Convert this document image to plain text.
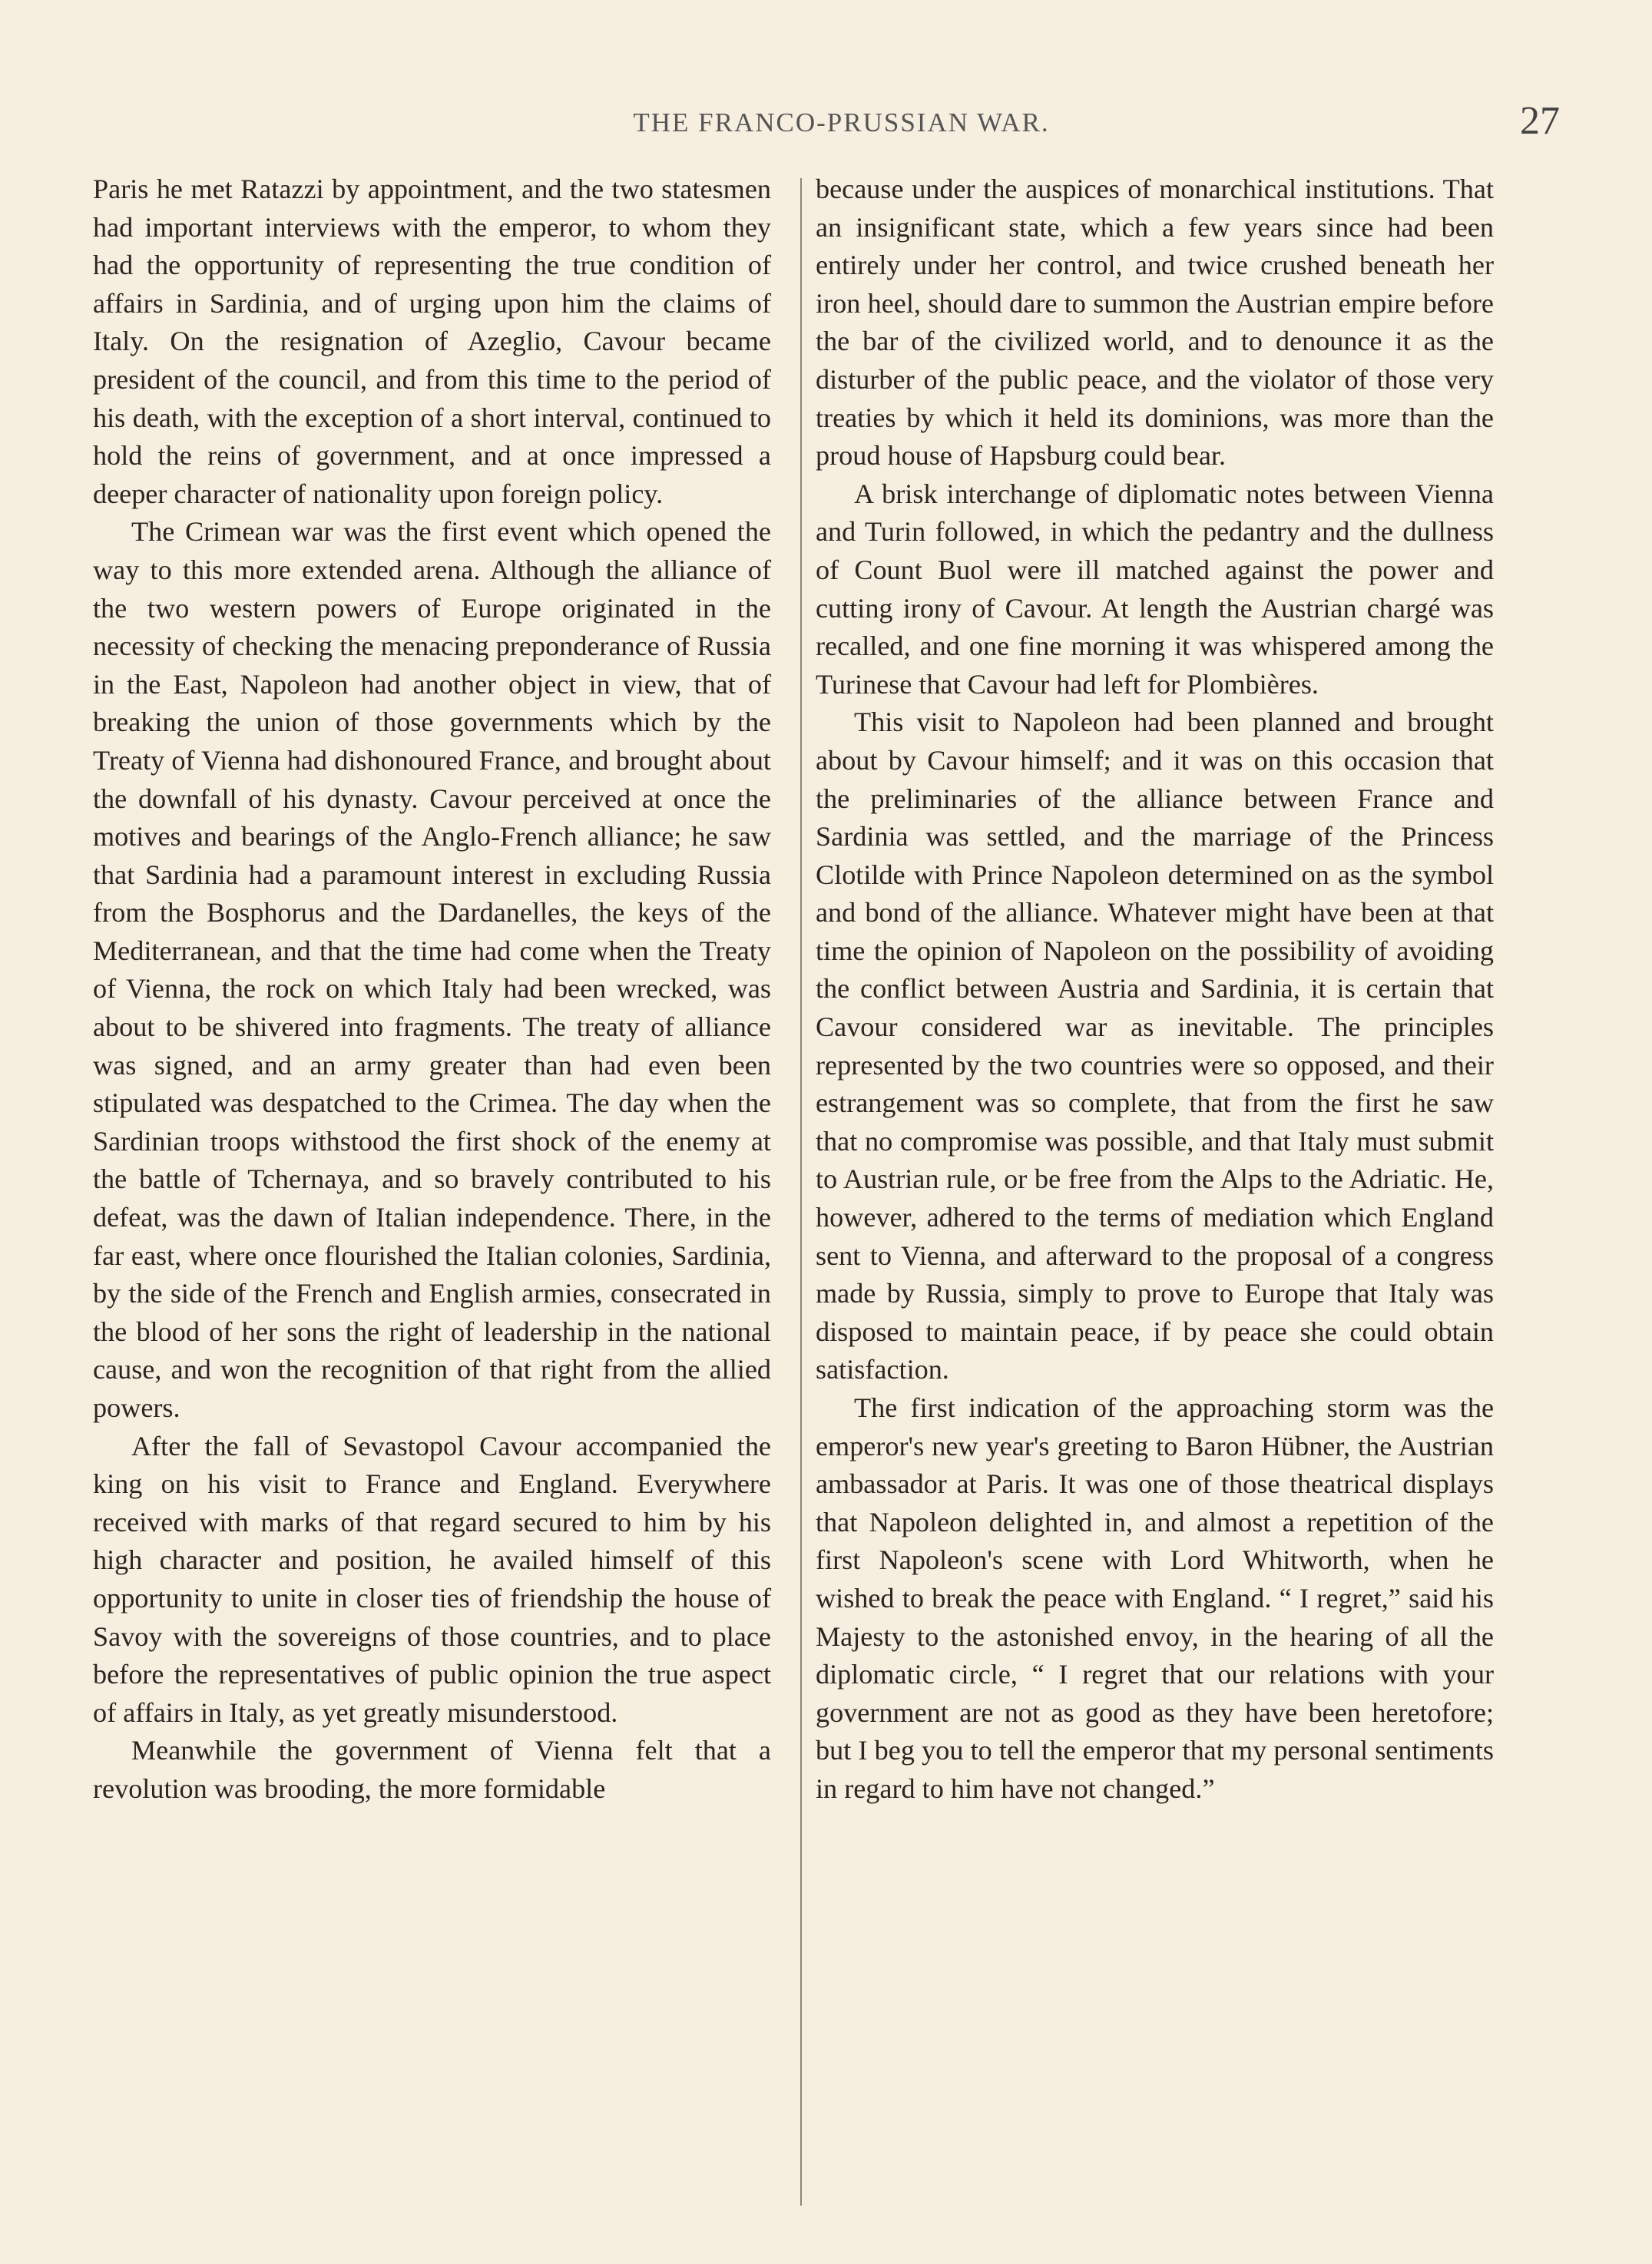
THE FRANCO-PRUSSIAN WAR.	27

Paris he met Ratazzi by appointment, and the two statesmen had important interviews with the emperor, to whom they had the opportunity of representing the true condition of affairs in Sardinia, and of urging upon him the claims of Italy. On the resignation of Azeglio, Cavour became president of the council, and from this time to the period of his death, with the exception of a short interval, continued to hold the reins of government, and at once impressed a deeper character of nationality upon foreign policy.

The Crimean war was the first event which opened the way to this more extended arena. Although the alliance of the two western powers of Europe originated in the necessity of checking the menacing preponderance of Russia in the East, Napoleon had another object in view, that of breaking the union of those governments which by the Treaty of Vienna had dishonoured France, and brought about the downfall of his dynasty. Cavour perceived at once the motives and bearings of the Anglo-French alliance; he saw that Sardinia had a paramount interest in excluding Russia from the Bosphorus and the Dardanelles, the keys of the Mediterranean, and that the time had come when the Treaty of Vienna, the rock on which Italy had been wrecked, was about to be shivered into fragments. The treaty of alliance was signed, and an army greater than had even been stipulated was despatched to the Crimea. The day when the Sardinian troops withstood the first shock of the enemy at the battle of Tchernaya, and so bravely contributed to his defeat, was the dawn of Italian independence. There, in the far east, where once flourished the Italian colonies, Sardinia, by the side of the French and English armies, consecrated in the blood of her sons the right of leadership in the national cause, and won the recognition of that right from the allied powers.

After the fall of Sevastopol Cavour accompanied the king on his visit to France and England. Everywhere received with marks of that regard secured to him by his high character and position, he availed himself of this opportunity to unite in closer ties of friendship the house of Savoy with the sovereigns of those countries, and to place before the representatives of public opinion the true aspect of affairs in Italy, as yet greatly misunderstood.

Meanwhile the government of Vienna felt that a revolution was brooding, the more formidable

because under the auspices of monarchical institutions. That an insignificant state, which a few years since had been entirely under her control, and twice crushed beneath her iron heel, should dare to summon the Austrian empire before the bar of the civilized world, and to denounce it as the disturber of the public peace, and the violator of those very treaties by which it held its dominions, was more than the proud house of Hapsburg could bear.

A brisk interchange of diplomatic notes between Vienna and Turin followed, in which the pedantry and the dullness of Count Buol were ill matched against the power and cutting irony of Cavour. At length the Austrian chargé was recalled, and one fine morning it was whispered among the Turinese that Cavour had left for Plombières.

This visit to Napoleon had been planned and brought about by Cavour himself; and it was on this occasion that the preliminaries of the alliance between France and Sardinia was settled, and the marriage of the Princess Clotilde with Prince Napoleon determined on as the symbol and bond of the alliance. Whatever might have been at that time the opinion of Napoleon on the possibility of avoiding the conflict between Austria and Sardinia, it is certain that Cavour considered war as inevitable. The principles represented by the two countries were so opposed, and their estrangement was so complete, that from the first he saw that no compromise was possible, and that Italy must submit to Austrian rule, or be free from the Alps to the Adriatic. He, however, adhered to the terms of mediation which England sent to Vienna, and afterward to the proposal of a congress made by Russia, simply to prove to Europe that Italy was disposed to maintain peace, if by peace she could obtain satisfaction.

The first indication of the approaching storm was the emperor's new year's greeting to Baron Hübner, the Austrian ambassador at Paris. It was one of those theatrical displays that Napoleon delighted in, and almost a repetition of the first Napoleon's scene with Lord Whitworth, when he wished to break the peace with England. “ I regret,” said his Majesty to the astonished envoy, in the hearing of all the diplomatic circle, “ I regret that our relations with your government are not as good as they have been heretofore; but I beg you to tell the emperor that my personal sentiments in regard to him have not changed.”
